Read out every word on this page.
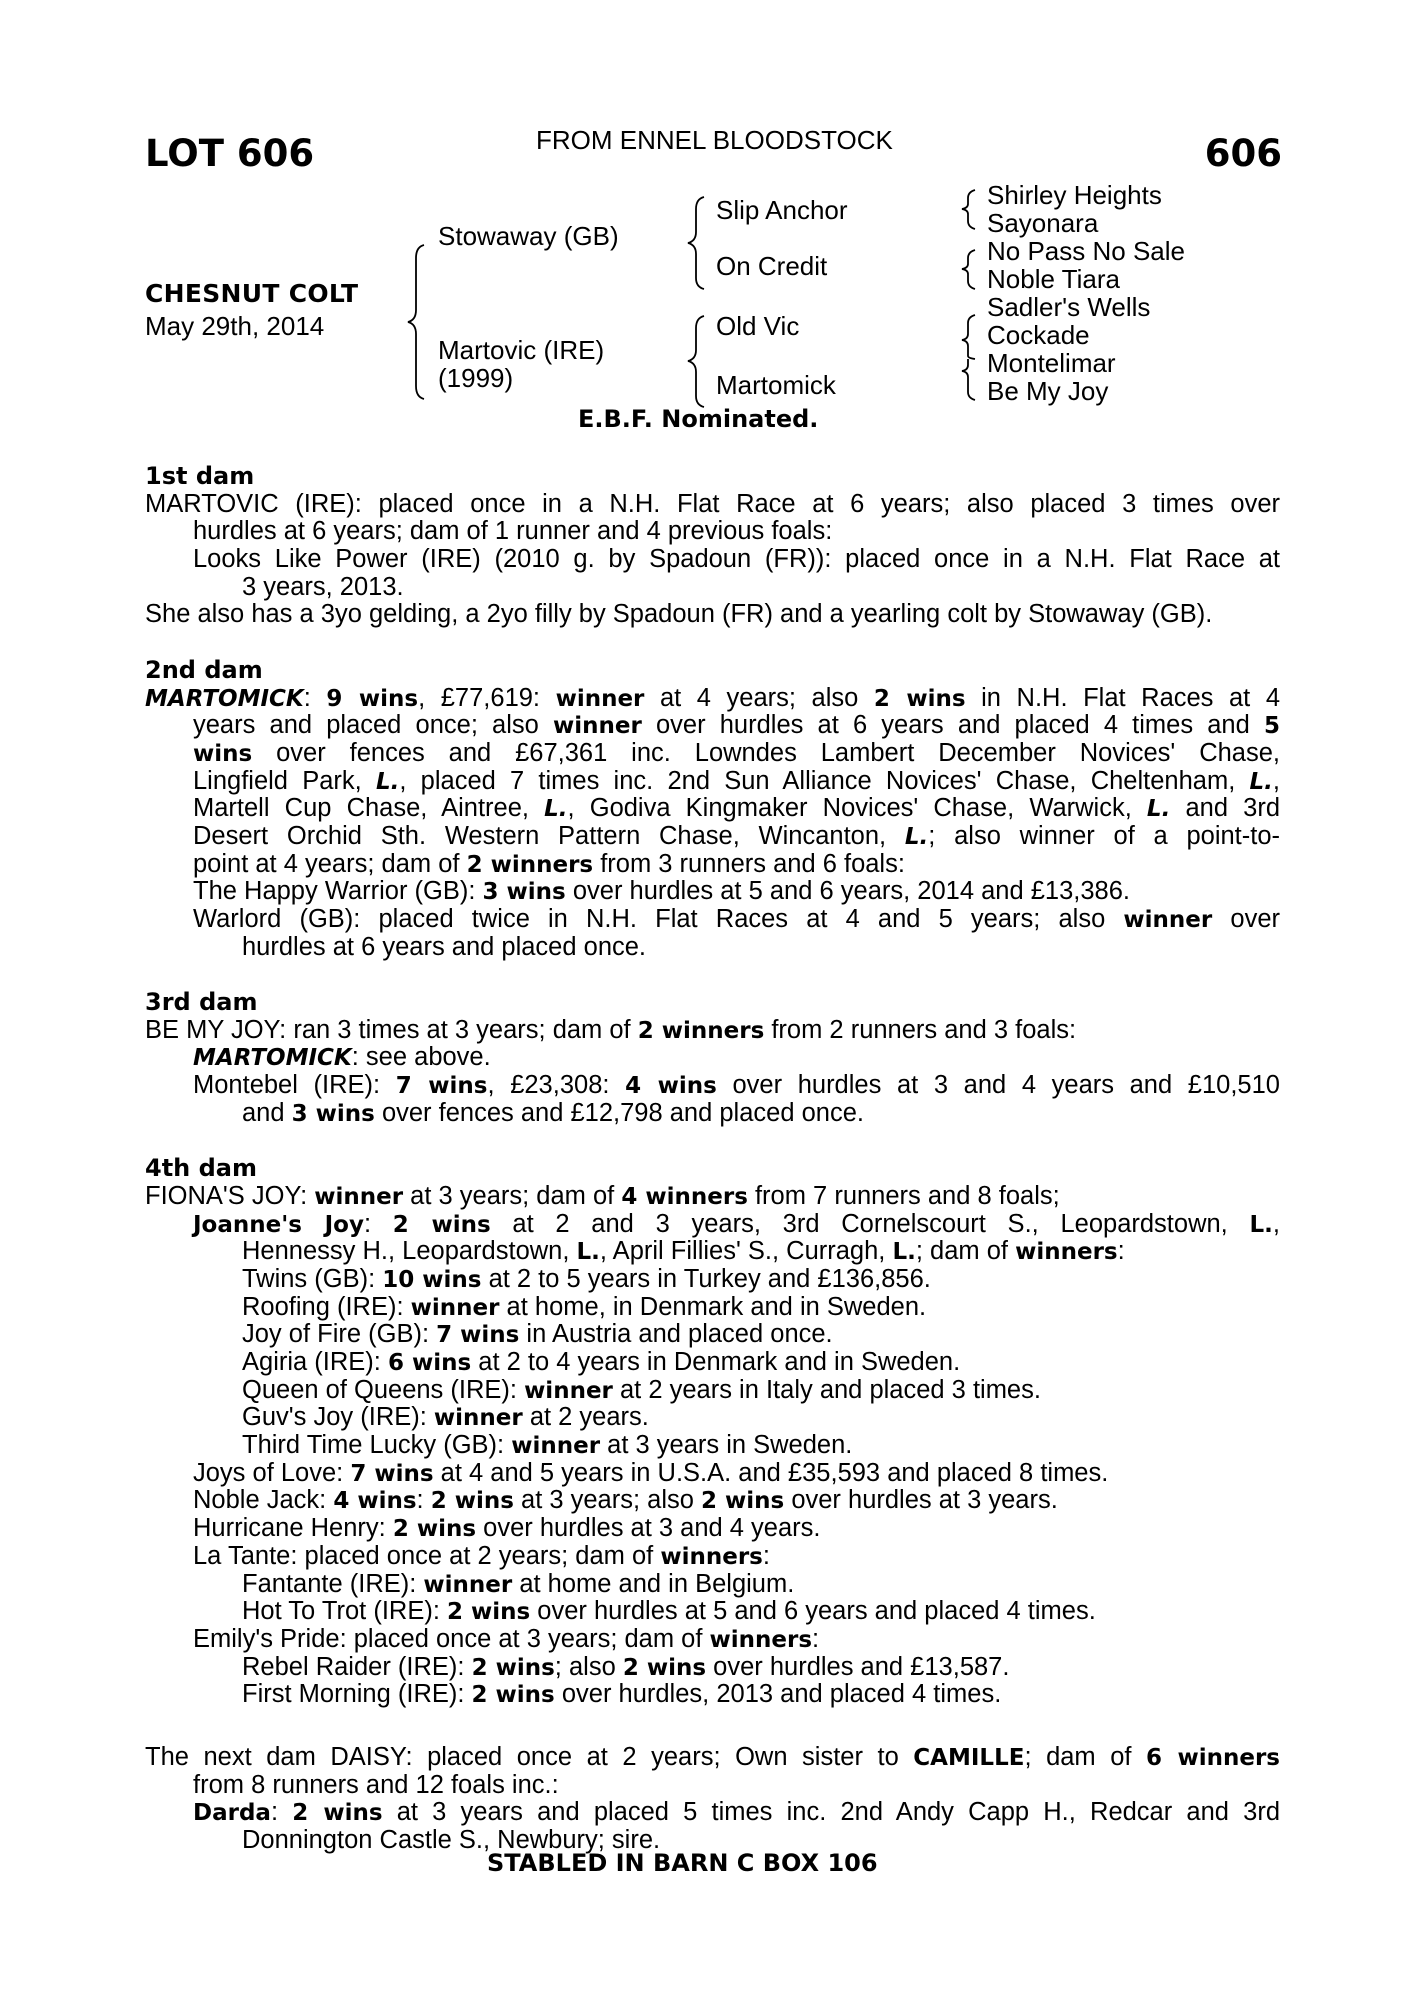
LOT 606	FROM ENNEL BLOODSTOCK	606
CHESNUT COLT
May 29th, 2014
Stowaway (GB)
Martovic (IRE)
(1999)
Slip Anchor
On Credit
Old Vic
Martomick
Shirley Heights
Sayonara
No Pass No Sale
Noble Tiara
Sadler's Wells
Cockade
Montelimar
Be My Joy
E.B.F. Nominated.
1st dam
MARTOVIC (IRE): placed once in a N.H. Flat Race at 6 years; also placed 3 times over
hurdles at 6 years; dam of 1 runner and 4 previous foals:
Looks Like Power (IRE) (2010 g. by Spadoun (FR)): placed once in a N.H. Flat Race at
3 years, 2013.
She also has a 3yo gelding, a 2yo filly by Spadoun (FR) and a yearling colt by Stowaway (GB).
2nd dam
MARTOMICK: 9 wins, £77,619: winner at 4 years; also 2 wins in N.H. Flat Races at 4
years and placed once; also winner over hurdles at 6 years and placed 4 times and 5
wins over fences and £67,361 inc. Lowndes Lambert December Novices' Chase,
Lingfield Park, L., placed 7 times inc. 2nd Sun Alliance Novices' Chase, Cheltenham, L.,
Martell Cup Chase, Aintree, L., Godiva Kingmaker Novices' Chase, Warwick, L. and 3rd
Desert Orchid Sth. Western Pattern Chase, Wincanton, L.; also winner of a point-to-
point at 4 years; dam of 2 winners from 3 runners and 6 foals:
The Happy Warrior (GB): 3 wins over hurdles at 5 and 6 years, 2014 and £13,386.
Warlord (GB): placed twice in N.H. Flat Races at 4 and 5 years; also winner over
hurdles at 6 years and placed once.
3rd dam
BE MY JOY: ran 3 times at 3 years; dam of 2 winners from 2 runners and 3 foals:
MARTOMICK: see above.
Montebel (IRE): 7 wins, £23,308: 4 wins over hurdles at 3 and 4 years and £10,510
and 3 wins over fences and £12,798 and placed once.
4th dam
FIONA'S JOY: winner at 3 years; dam of 4 winners from 7 runners and 8 foals;
Joanne's Joy: 2 wins at 2 and 3 years, 3rd Cornelscourt S., Leopardstown, L.,
Hennessy H., Leopardstown, L., April Fillies' S., Curragh, L.; dam of winners:
Twins (GB): 10 wins at 2 to 5 years in Turkey and £136,856.
Roofing (IRE): winner at home, in Denmark and in Sweden.
Joy of Fire (GB): 7 wins in Austria and placed once.
Agiria (IRE): 6 wins at 2 to 4 years in Denmark and in Sweden.
Queen of Queens (IRE): winner at 2 years in Italy and placed 3 times.
Guv's Joy (IRE): winner at 2 years.
Third Time Lucky (GB): winner at 3 years in Sweden.
Joys of Love: 7 wins at 4 and 5 years in U.S.A. and £35,593 and placed 8 times.
Noble Jack: 4 wins: 2 wins at 3 years; also 2 wins over hurdles at 3 years.
Hurricane Henry: 2 wins over hurdles at 3 and 4 years.
La Tante: placed once at 2 years; dam of winners:
Fantante (IRE): winner at home and in Belgium.
Hot To Trot (IRE): 2 wins over hurdles at 5 and 6 years and placed 4 times.
Emily's Pride: placed once at 3 years; dam of winners:
Rebel Raider (IRE): 2 wins; also 2 wins over hurdles and £13,587.
First Morning (IRE): 2 wins over hurdles, 2013 and placed 4 times.
The next dam DAISY: placed once at 2 years; Own sister to CAMILLE; dam of 6 winners
from 8 runners and 12 foals inc.:
Darda: 2 wins at 3 years and placed 5 times inc. 2nd Andy Capp H., Redcar and 3rd
Donnington Castle S., Newbury; sire.
STABLED IN BARN C BOX 106
